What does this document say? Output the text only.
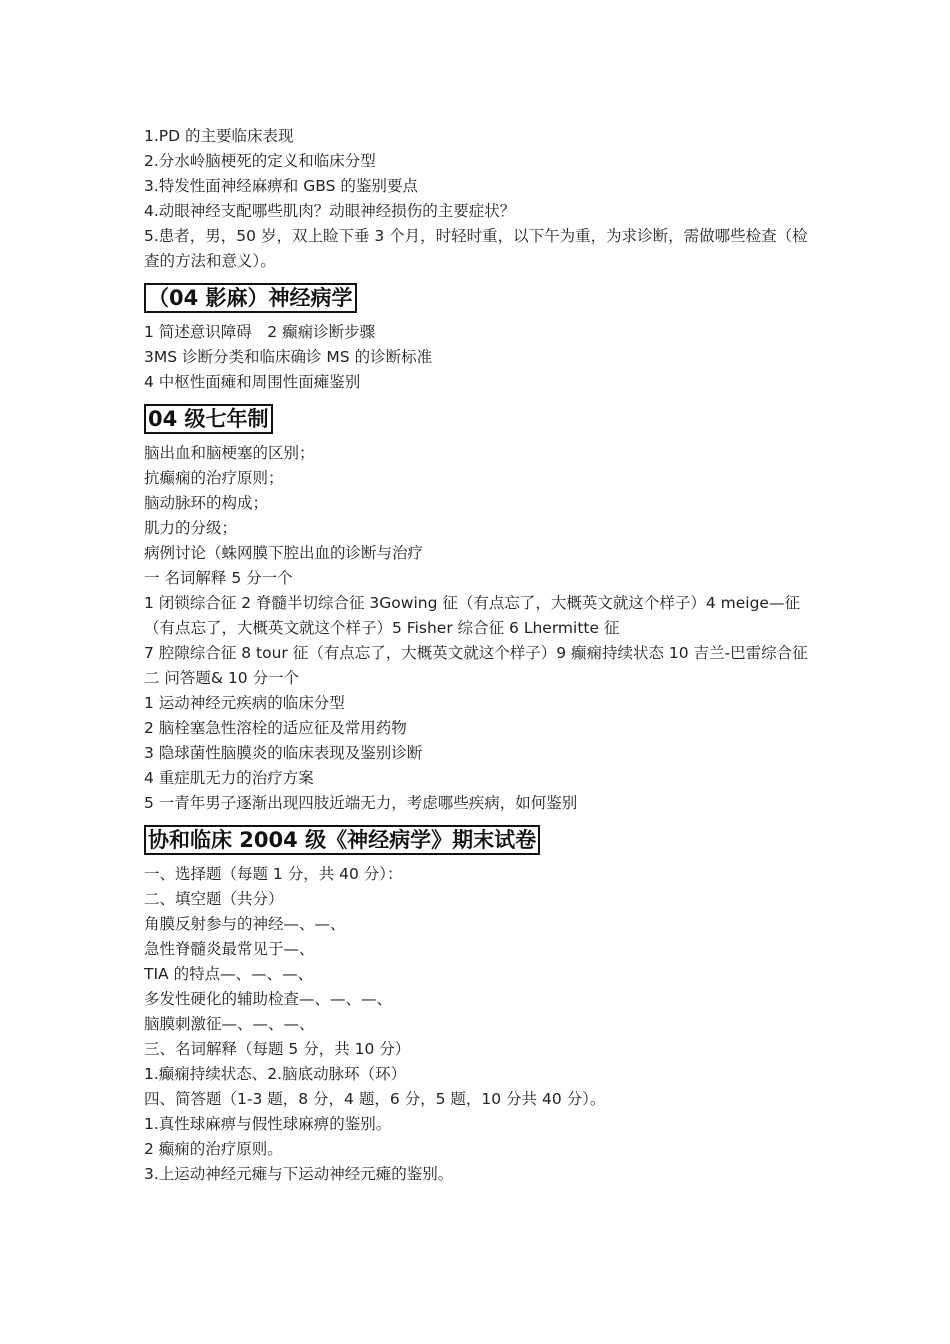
1.PD 的主要临床表现

2.分水岭脑梗死的定义和临床分型

3.特发性面神经麻痹和 GBS 的鉴别要点

4.动眼神经支配哪些肌肉？动眼神经损伤的主要症状？

5.患者，男，50 岁，双上睑下垂 3 个月，时轻时重，以下午为重，为求诊断，需做哪些检查（检查的方法和意义）。

（04 影麻）神经病学

1 简述意识障碍　2 癫痫诊断步骤

3MS 诊断分类和临床确诊 MS 的诊断标准

4 中枢性面瘫和周围性面瘫鉴别

04 级七年制

脑出血和脑梗塞的区别；

抗癫痫的治疗原则；

脑动脉环的构成；

肌力的分级；

病例讨论（蛛网膜下腔出血的诊断与治疗

一 名词解释 5 分一个

1 闭锁综合征 2 脊髓半切综合征 3Gowing 征（有点忘了，大概英文就这个样子）4 meige—征（有点忘了，大概英文就这个样子）5 Fisher 综合征 6 Lhermitte 征

7 腔隙综合征 8 tour 征（有点忘了，大概英文就这个样子）9 癫痫持续状态 10 吉兰-巴雷综合征

二 问答题& 10 分一个

1 运动神经元疾病的临床分型

2 脑栓塞急性溶栓的适应征及常用药物

3 隐球菌性脑膜炎的临床表现及鉴别诊断

4 重症肌无力的治疗方案

5 一青年男子逐渐出现四肢近端无力，考虑哪些疾病，如何鉴别

协和临床 2004 级《神经病学》期末试卷

一、选择题（每题 1 分，共 40 分）：

二、填空题（共分）

角膜反射参与的神经—、—、

急性脊髓炎最常见于—、

TIA 的特点—、—、—、

多发性硬化的辅助检查—、—、—、

脑膜刺激征—、—、—、

三、名词解释（每题 5 分，共 10 分）

1.癫痫持续状态、2.脑底动脉环（环）

四、简答题（1-3 题，8 分，4 题，6 分，5 题，10 分共 40 分）。

1.真性球麻痹与假性球麻痹的鉴别。

2 癫痫的治疗原则。

3.上运动神经元瘫与下运动神经元瘫的鉴别。
